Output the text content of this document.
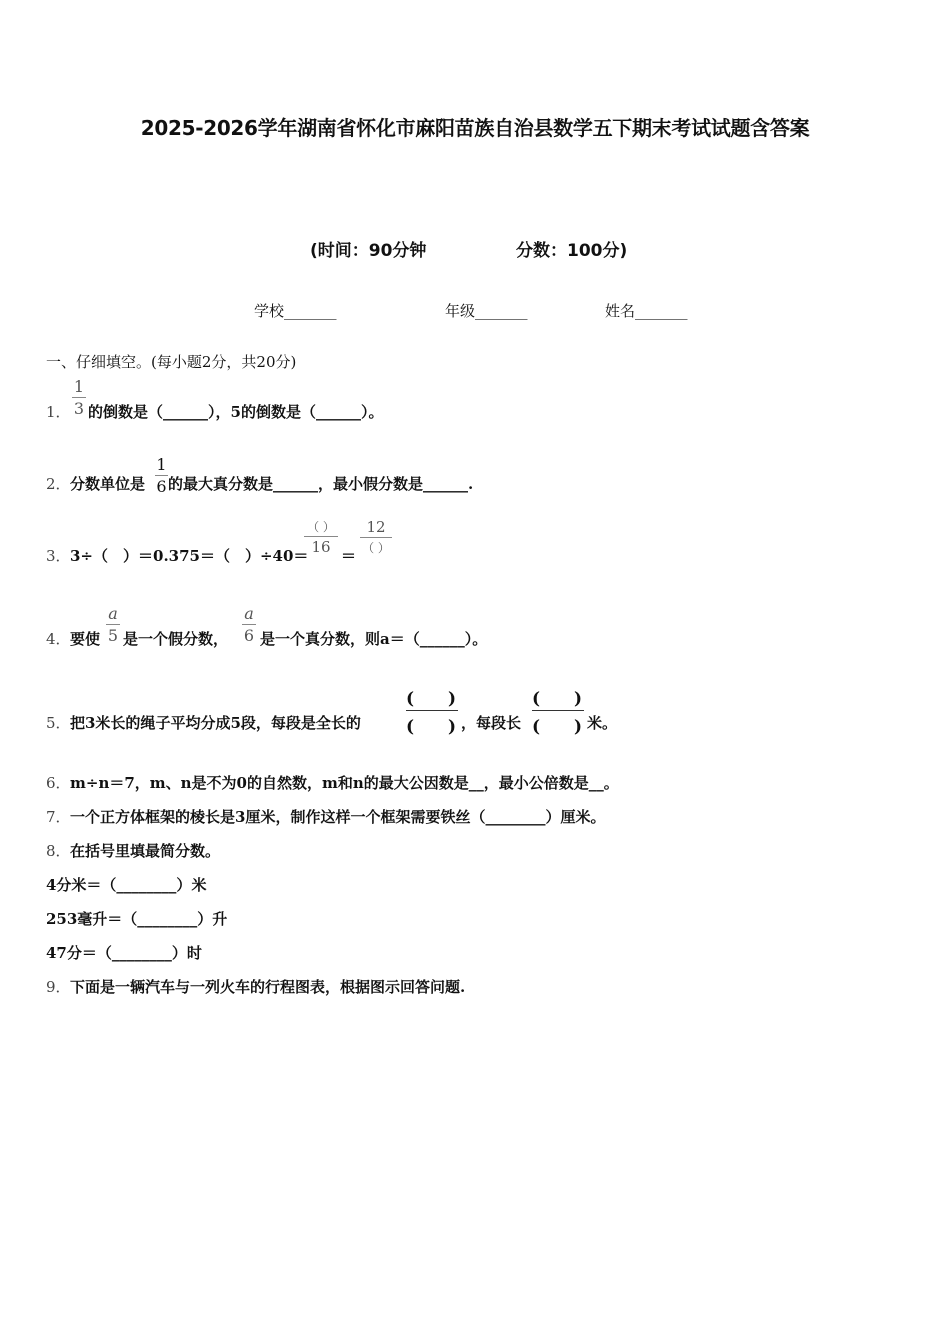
2025-2026学年湖南省怀化市麻阳苗族自治县数学五下期末考试试题含答案
(时间：90分钟	分数：100分)
学校_______	年级_______	姓名_______
一、仔细填空。(每小题2分，共20分)
1．
1
3 的倒数是（______），5的倒数是（______）。
2． 分数单位是
1
6 的最大真分数是______，最小假分数是______.
3． 3÷（　）＝0.375＝（　）÷40＝
（ ）
16 ＝
12
（ ）
4． 要使
a
5 是一个假分数，
a
6 是一个真分数，则a＝（______）。
5． 把3米长的绳子平均分成5段，每段是全长的
(　　)
(　　) ，每段长
(　　)
(　　) 米。
6． m÷n＝7，m、n是不为0的自然数，m和n的最大公因数是__，最小公倍数是__。
7． 一个正方体框架的棱长是3厘米，制作这样一个框架需要铁丝（________）厘米。
8． 在括号里填最简分数。
4分米＝（________）米
253毫升＝（________）升
47分＝（________）时
9． 下面是一辆汽车与一列火车的行程图表，根据图示回答问题.
